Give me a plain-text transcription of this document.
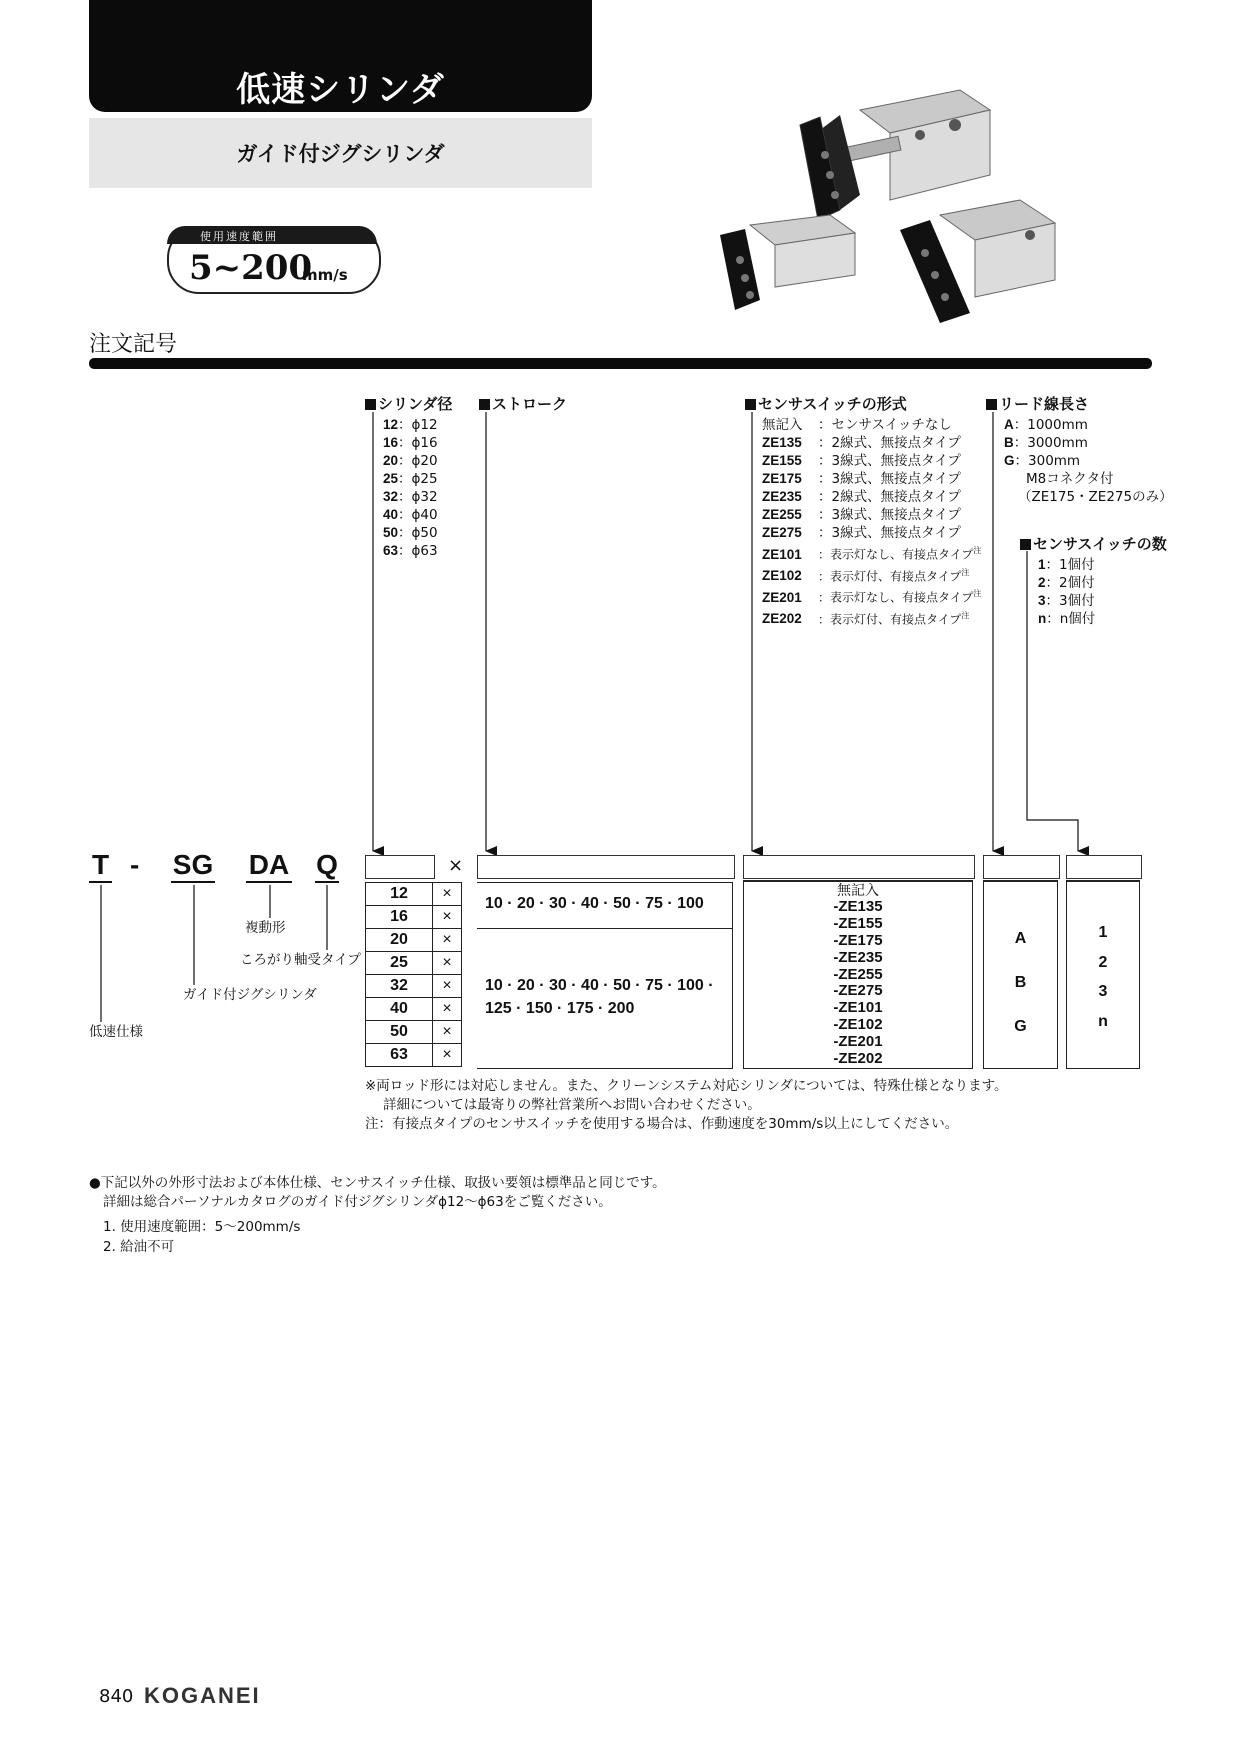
低速シリンダ
ガイド付ジグシリンダ
使用速度範囲
5~200
mm/s
注文記号
シリンダ径
12：ϕ12
16：ϕ16
20：ϕ20
25：ϕ25
32：ϕ32
40：ϕ40
50：ϕ50
63：ϕ63
ストローク	センサスイッチの形式
無記入 ：センサスイッチなし
ZE135 ：2線式、無接点タイプ
ZE155 ：3線式、無接点タイプ
ZE175 ：3線式、無接点タイプ
ZE235 ：2線式、無接点タイプ
ZE255 ：3線式、無接点タイプ
ZE275 ：3線式、無接点タイプ
ZE101 ：表示灯なし、有接点タイプ$^注$
ZE102 ：表示灯付、有接点タイプ$^注$
ZE201 ：表示灯なし、有接点タイプ$^注$
ZE202 ：表示灯付、有接点タイプ$^注$
リード線長さ
A：1000mm
B：3000mm
G：300mm
M8コネクタ付
（ZE175・ZE275のみ）
センサスイッチの数
1：1個付
2：2個付
3：3個付
n：n個付
T - SG DA Q
複動形
ころがり軸受タイプ
ガイド付ジグシリンダ
低速仕様
×
12	×
16	×
20	×
25	×
32	×
40	×
50	×
63	×
10 · 20 · 30 · 40 · 50 · 75 · 100
10 · 20 · 30 · 40 · 50 · 75 · 100 ·
125 · 150 · 175 · 200
無記入
-ZE135
-ZE155
-ZE175
-ZE235
-ZE255
-ZE275
-ZE101
-ZE102
-ZE201
-ZE202
A
B
G
1
2
3
n
※両ロッド形には対応しません。また、クリーンシステム対応シリンダについては、特殊仕様となります。
詳細については最寄りの弊社営業所へお問い合わせください。
注：有接点タイプのセンサスイッチを使用する場合は、作動速度を30mm/s以上にしてください。
●下記以外の外形寸法および本体仕様、センサスイッチ仕様、取扱い要領は標準品と同じです。
詳細は総合パーソナルカタログのガイド付ジグシリンダϕ12～ϕ63をご覧ください。
1. 使用速度範囲：5～200mm/s
2. 給油不可
840 KOGANEI
